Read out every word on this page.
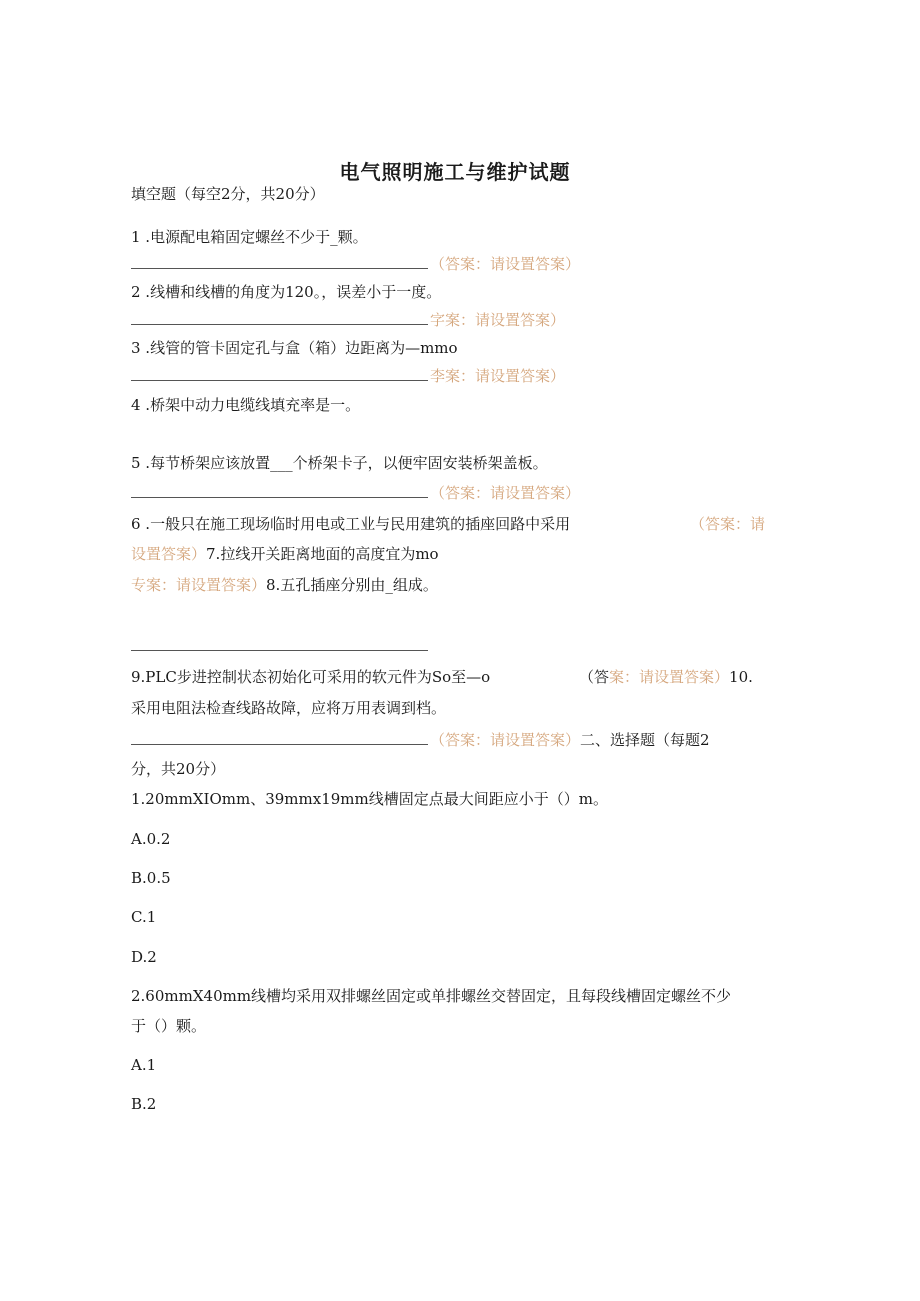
电气照明施工与维护试题
填空题（每空2分，共20分）
1 .电源配电箱固定螺丝不少于_颗。
（答案：请设置答案）
2 .线槽和线槽的角度为120。，误差小于一度。
字案：请设置答案）
3 .线管的管卡固定孔与盒（箱）边距离为—mmo
李案：请设置答案）
4 .桥架中动力电缆线填充率是一。
5 .每节桥架应该放置___个桥架卡子，以便牢固安装桥架盖板。
（答案：请设置答案）
6 .一般只在施工现场临时用电或工业与民用建筑的插座回路中采用	（答案：请
设置答案）7.拉线开关距离地面的高度宜为mo
专案：请设置答案）8.五孔插座分别由_组成。
9.PLC步进控制状态初始化可采用的软元件为So至—o	（答案：请设置答案）10.
采用电阻法检查线路故障，应将万用表调到档。
（答案：请设置答案）二、选择题（每题2
分，共20分）
1.20mmXIOmm、39mmx19mm线槽固定点最大间距应小于（）m。
A.0.2
B.0.5
C.1
D.2
2.60mmX40mm线槽均采用双排螺丝固定或单排螺丝交替固定，且每段线槽固定螺丝不少
于（）颗。
A.1
B.2
